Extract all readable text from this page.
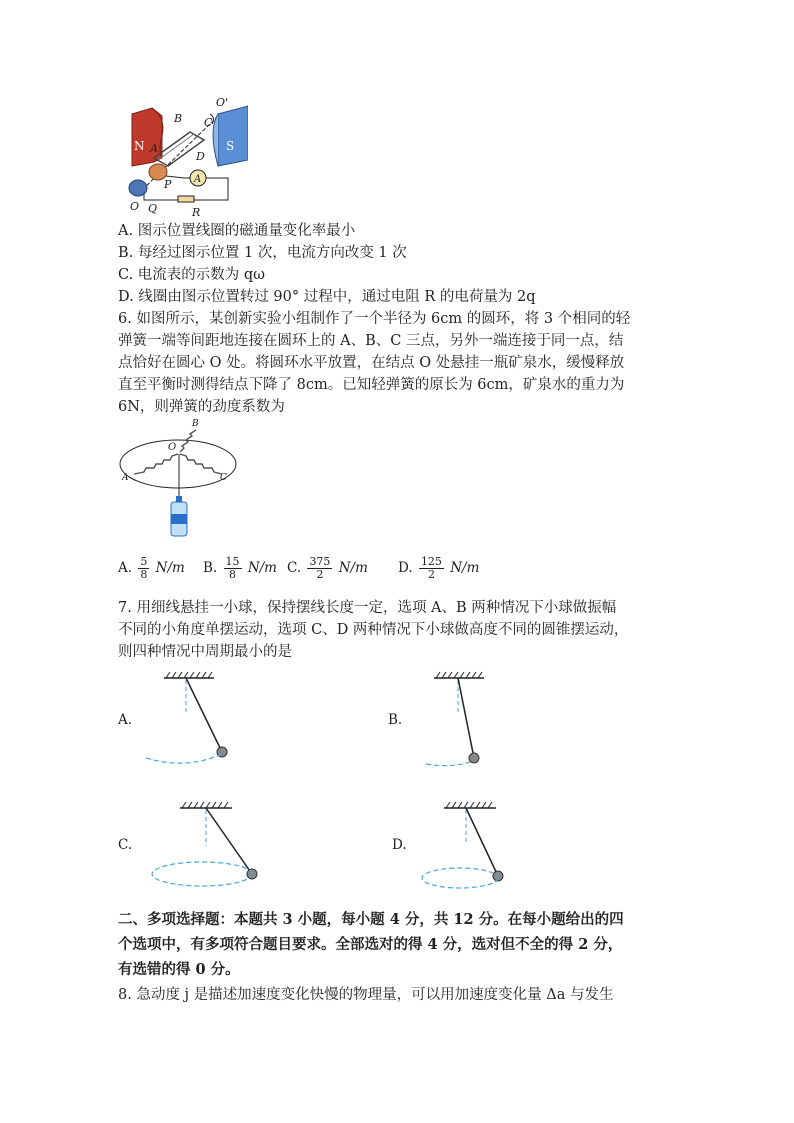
O'
B C
N A
D
S
P A
O Q	R
A. 图示位置线圈的磁通量变化率最小
B. 每经过图示位置 1 次，电流方向改变 1 次
C. 电流表的示数为 qω
D. 线圈由图示位置转过 90° 过程中，通过电阻 R 的电荷量为 2q
6. 如图所示，某创新实验小组制作了一个半径为 6cm 的圆环，将 3 个相同的轻
弹簧一端等间距地连接在圆环上的 A、B、C 三点，另外一端连接于同一点，结
点恰好在圆心 O 处。将圆环水平放置，在结点 O 处悬挂一瓶矿泉水，缓慢释放
直至平衡时测得结点下降了 8cm。已知轻弹簧的原长为 6cm，矿泉水的重力为
6N，则弹簧的劲度系数为
B
O
A	C
A. $\frac{5}{8} N/m$ B. $\frac{15}{8} N/m$ C. $\frac{375}{2} N/m$ D. $\frac{125}{2} N/m$
7. 用细线悬挂一小球，保持摆线长度一定，选项 A、B 两种情况下小球做振幅
不同的小角度单摆运动，选项 C、D 两种情况下小球做高度不同的圆锥摆运动，
则四种情况中周期最小的是
A.	B.
C.	D.
二、多项选择题：本题共 3 小题，每小题 4 分，共 12 分。在每小题给出的四
个选项中，有多项符合题目要求。全部选对的得 4 分，选对但不全的得 2 分，
有选错的得 0 分。
8. 急动度 j 是描述加速度变化快慢的物理量，可以用加速度变化量 Δa 与发生
